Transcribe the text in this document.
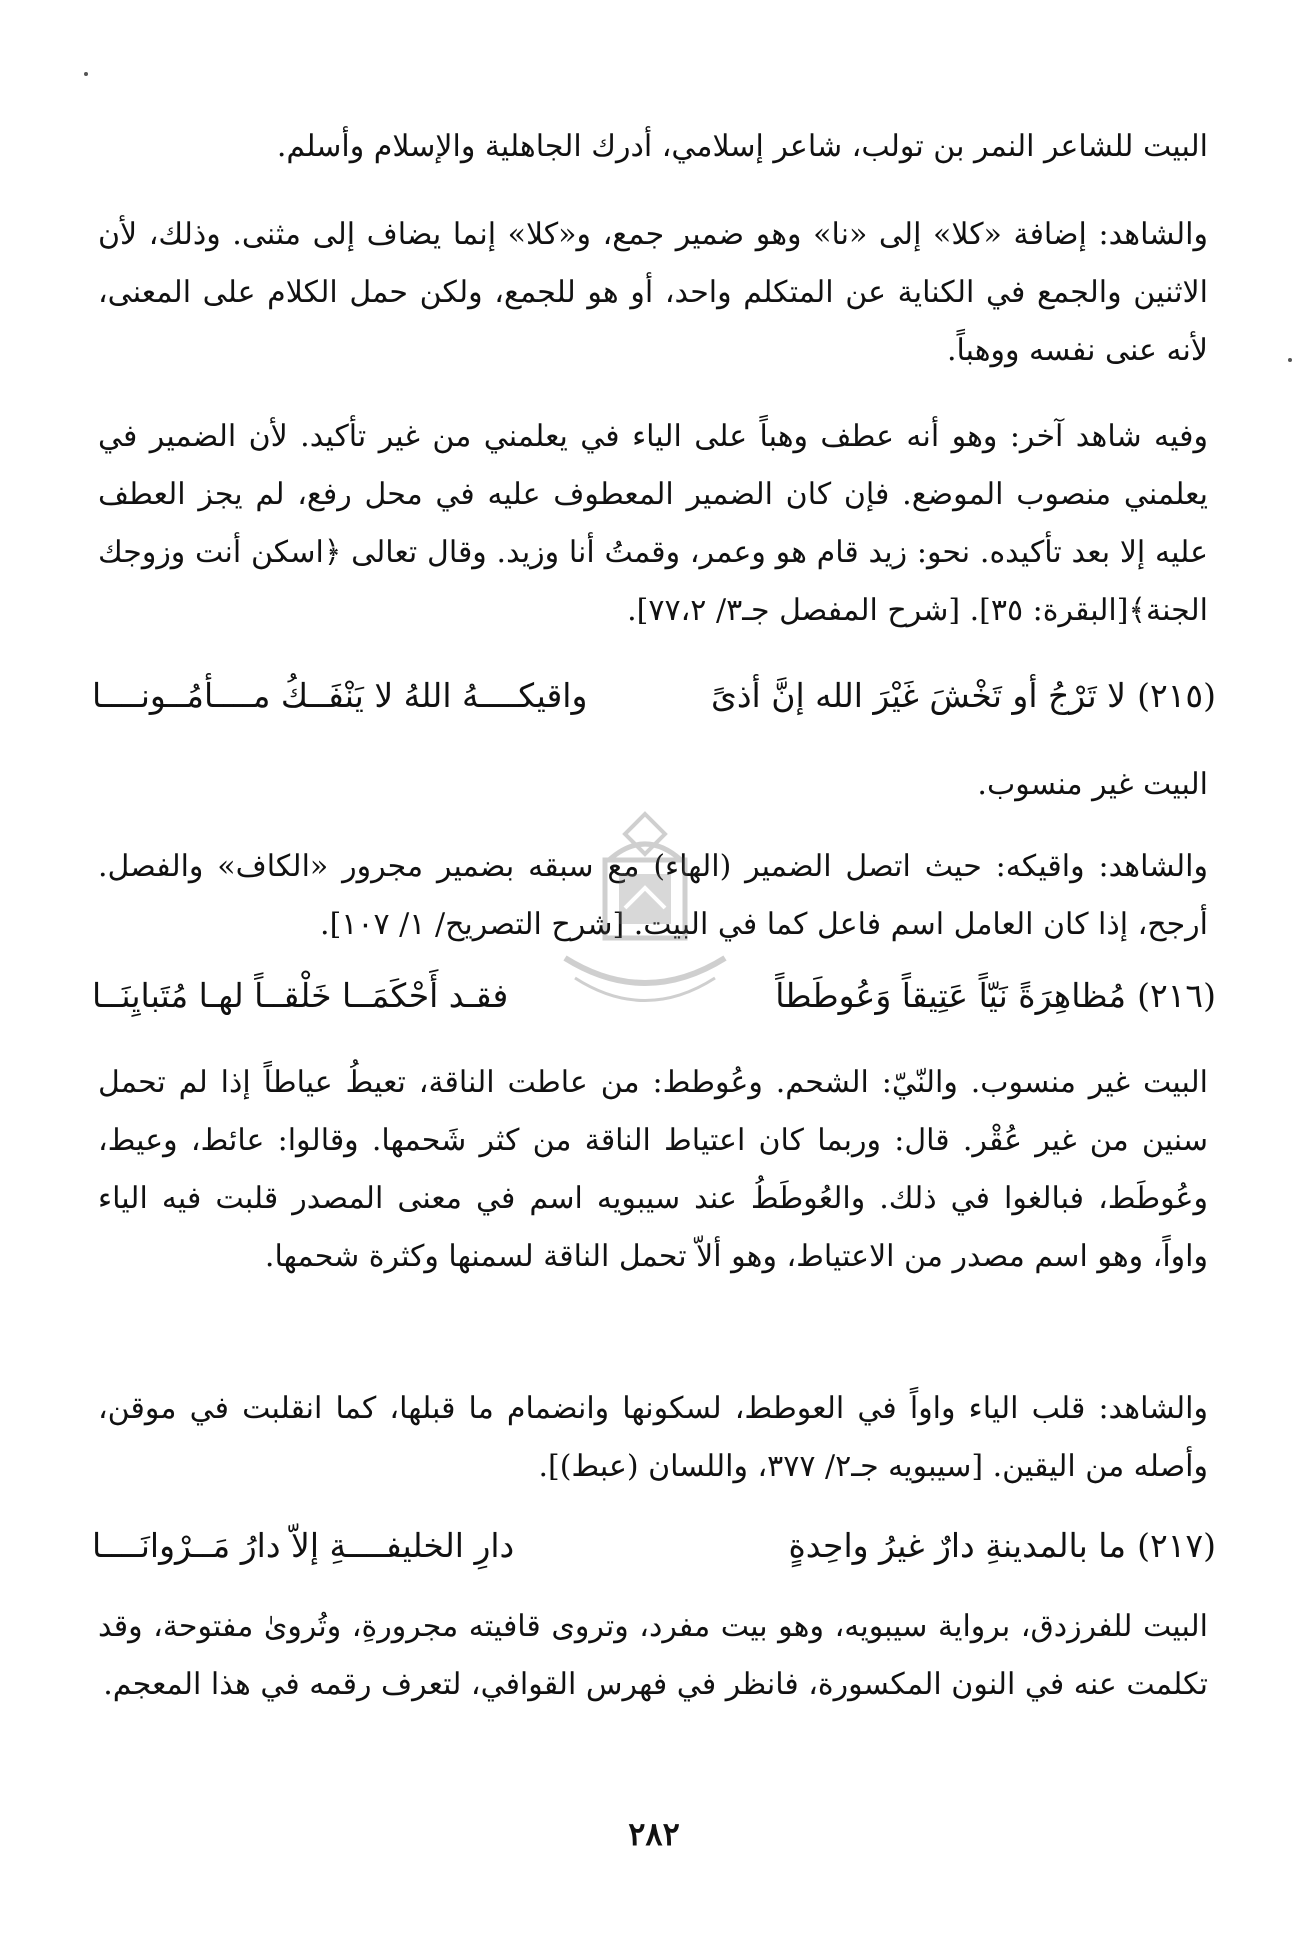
البيت للشاعر النمر بن تولب، شاعر إسلامي، أدرك الجاهلية والإسلام وأسلم.

والشاهد: إضافة «كلا» إلى «نا» وهو ضمير جمع، و«كلا» إنما يضاف إلى مثنى. وذلك، لأن الاثنين والجمع في الكناية عن المتكلم واحد، أو هو للجمع، ولكن حمل الكلام على المعنى، لأنه عنى نفسه ووهباً.

وفيه شاهد آخر: وهو أنه عطف وهباً على الياء في يعلمني من غير تأكيد. لأن الضمير في يعلمني منصوب الموضع. فإن كان الضمير المعطوف عليه في محل رفع، لم يجز العطف عليه إلا بعد تأكيده. نحو: زيد قام هو وعمر، وقمتُ أنا وزيد. وقال تعالى ﴿اسكن أنت وزوجك الجنة﴾[البقرة: ٣٥]. [شرح المفصل جـ٣/ ٧٧،٢].

(٢١٥)
لا تَرْجُ أو تَخْشَ غَيْرَ الله إنَّ أذىً
واقيكــــهُ اللهُ لا يَنْفَــكُ مــــأمُــونــــا

البيت غير منسوب.

والشاهد: واقيكه: حيث اتصل الضمير (الهاء) مع سبقه بضمير مجرور «الكاف» والفصل. أرجح، إذا كان العامل اسم فاعل كما في البيت. [شرح التصريح/ ١/ ١٠٧].

(٢١٦)
مُظاهِرَةً نَيّاً عَتِيقاً وَعُوطَطاً
فقـد أَحْكَمَــا خَلْقــاً لهـا مُتَبايِنَــا

البيت غير منسوب. والنّيّ: الشحم. وعُوطط: من عاطت الناقة، تعيطُ عياطاً إذا لم تحمل سنين من غير عُقْر. قال: وربما كان اعتياط الناقة من كثر شَحمها. وقالوا: عائط، وعيط، وعُوطَط، فبالغوا في ذلك. والعُوطَطُ عند سيبويه اسم في معنى المصدر قلبت فيه الياء واواً، وهو اسم مصدر من الاعتياط، وهو ألاّ تحمل الناقة لسمنها وكثرة شحمها.

والشاهد: قلب الياء واواً في العوطط، لسكونها وانضمام ما قبلها، كما انقلبت في موقن، وأصله من اليقين. [سيبويه جـ٢/ ٣٧٧، واللسان (عبط)].

(٢١٧)
ما بالمدينةِ دارٌ غيرُ واحِدةٍ
دارِ الخليفــــةِ إلاّ دارُ مَــرْوانَــــا

البيت للفرزدق، برواية سيبويه، وهو بيت مفرد، وتروى قافيته مجرورةِ، وتُروىٰ مفتوحة، وقد تكلمت عنه في النون المكسورة، فانظر في فهرس القوافي، لتعرف رقمه في هذا المعجم.

٢٨٢
